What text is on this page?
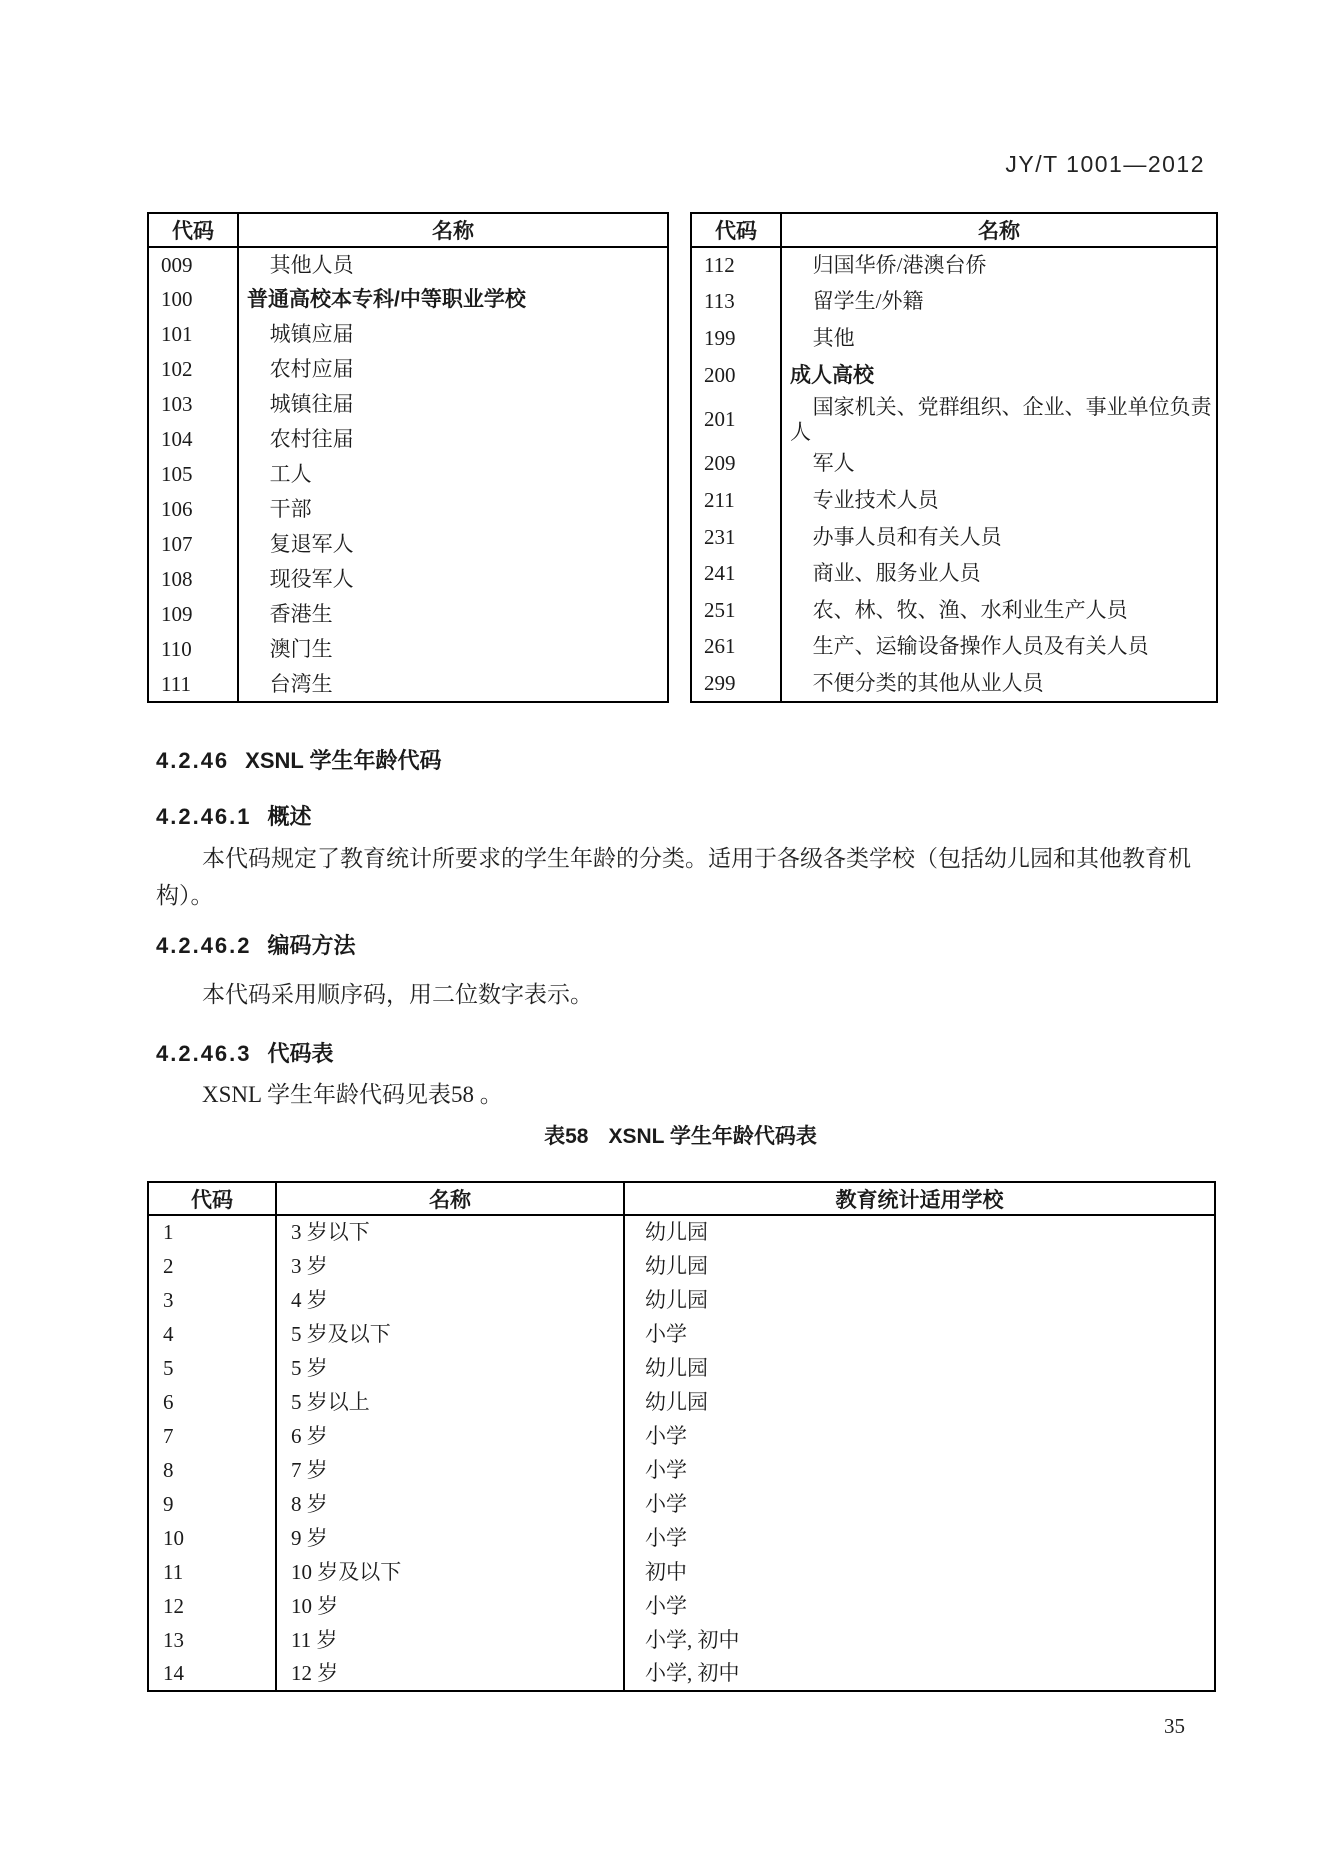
JY/T 1001—2012
代码	名称
009	其他人员
100	普通高校本专科/中等职业学校
101	城镇应届
102	农村应届
103	城镇往届
104	农村往届
105	工人
106	干部
107	复退军人
108	现役军人
109	香港生
110	澳门生
111	台湾生
代码	名称
112	归国华侨/港澳台侨
113	留学生/外籍
199	其他
200	成人高校
201	国家机关、党群组织、企业、事业单位负责人
209	军人
211	专业技术人员
231	办事人员和有关人员
241	商业、服务业人员
251	农、林、牧、渔、水利业生产人员
261	生产、运输设备操作人员及有关人员
299	不便分类的其他从业人员
4.2.46 XSNL 学生年龄代码
4.2.46.1 概述
本代码规定了教育统计所要求的学生年龄的分类。适用于各级各类学校（包括幼儿园和其他教育机构）。
4.2.46.2 编码方法
本代码采用顺序码，用二位数字表示。
4.2.46.3 代码表
XSNL 学生年龄代码见表58 。
表58 XSNL 学生年龄代码表
代码	名称	教育统计适用学校
1	3 岁以下	幼儿园
2	3 岁	幼儿园
3	4 岁	幼儿园
4	5 岁及以下	小学
5	5 岁	幼儿园
6	5 岁以上	幼儿园
7	6 岁	小学
8	7 岁	小学
9	8 岁	小学
10	9 岁	小学
11	10 岁及以下	初中
12	10 岁	小学
13	11 岁	小学, 初中
14	12 岁	小学, 初中
35
